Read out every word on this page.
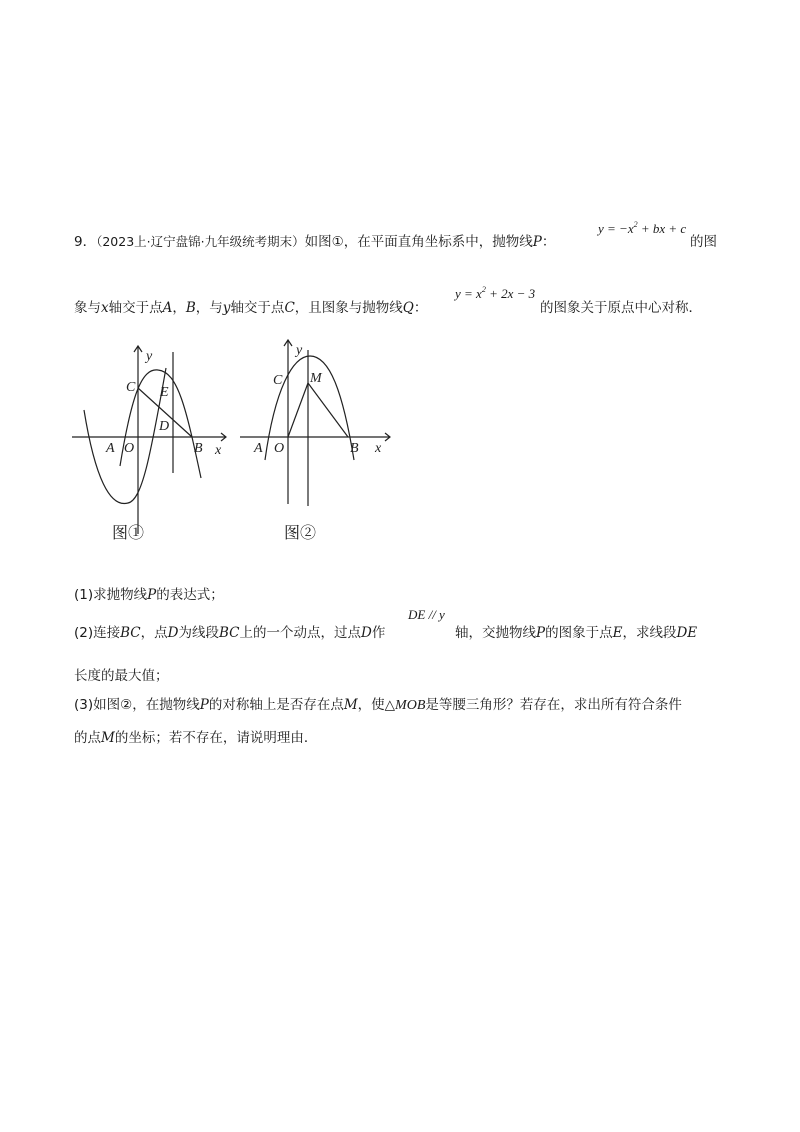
9．（2023上·辽宁盘锦·九年级统考期末）如图①，在平面直角坐标系中，抛物线P：
$y = -x^2$ + bx + c
的图
象与x轴交于点A，B，与y轴交于点C，且图象与抛物线Q：
$y = x^2 + 2x - 3$
的图象关于原点中心对称．
y
x
A O	B
C
D
E
图①
y
x
A O	B
C M
图②
(1)求抛物线P的表达式；
(2)连接BC，点D为线段BC上的一个动点，过点D作
DE // y
轴，交抛物线P的图象于点E，求线段DE
长度的最大值；
(3)如图②，在抛物线P的对称轴上是否存在点M，使△MOB是等腰三角形？若存在，求出所有符合条件
的点M的坐标；若不存在，请说明理由．
